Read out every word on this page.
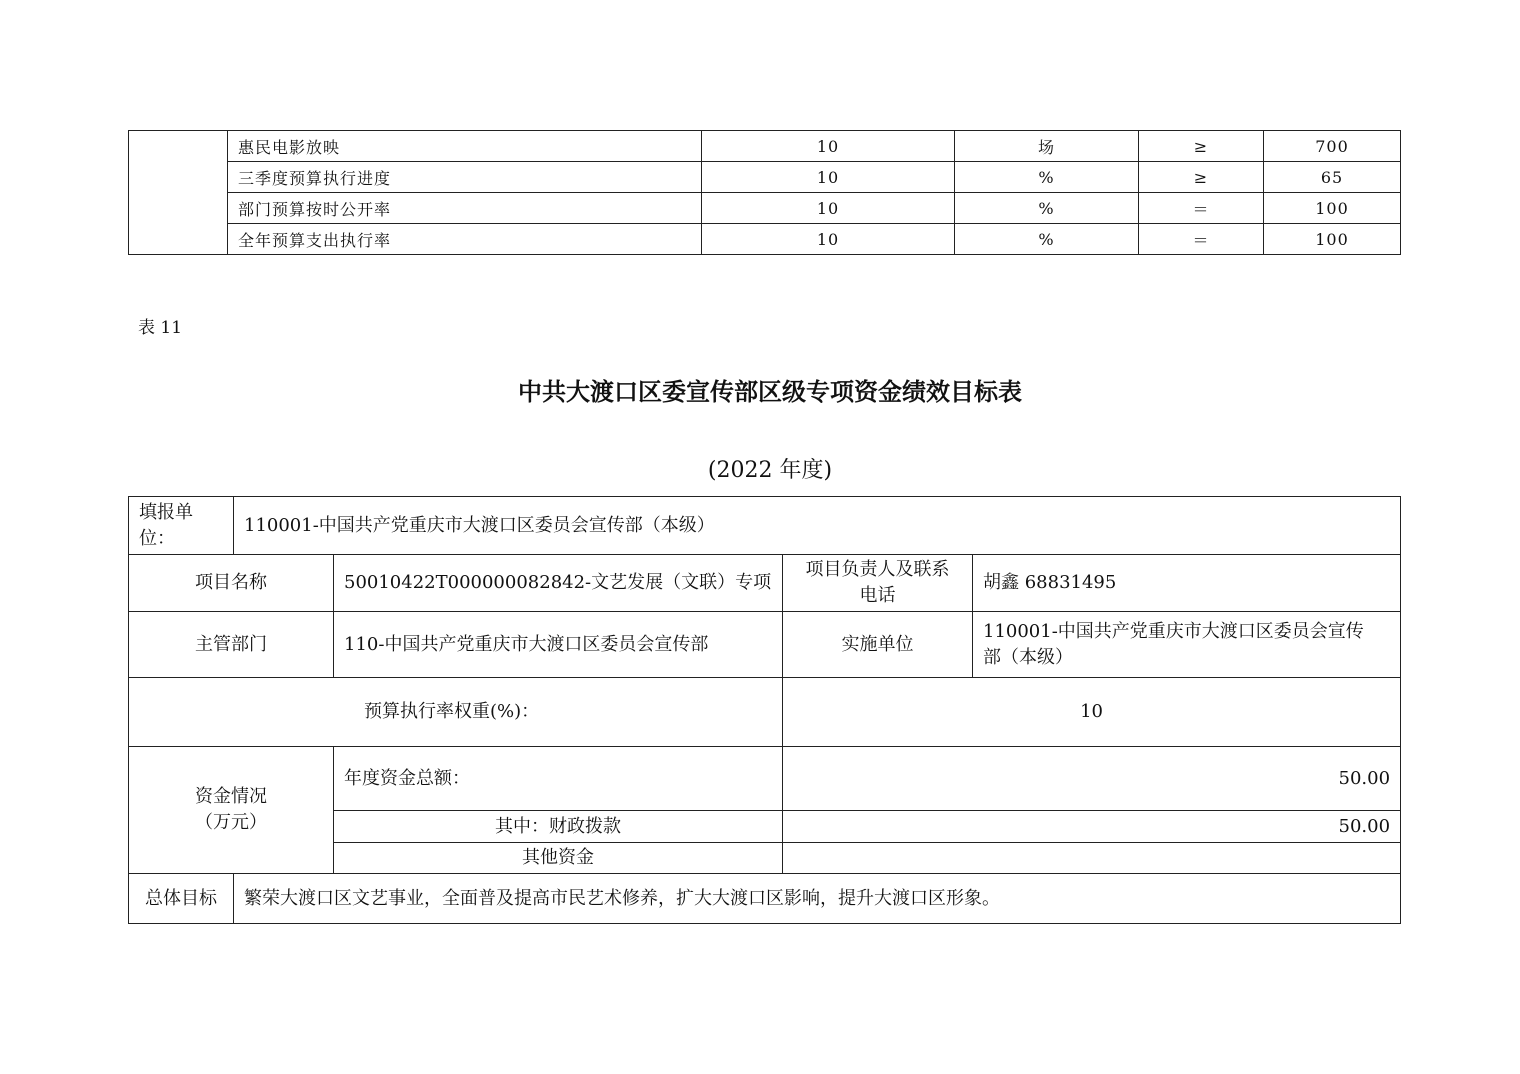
	惠民电影放映	10	场	≥	700
	三季度预算执行进度	10	%	≥	65
	部门预算按时公开率	10	%	＝	100
	全年预算支出执行率	10	%	＝	100
表 11
中共大渡口区委宣传部区级专项资金绩效目标表
(2022 年度)
填报单
位：	110001-中国共产党重庆市大渡口区委员会宣传部（本级）			
项目名称		50010422T000000082842-文艺发展（文联）专项	项目负责人及联系
电话	胡鑫 68831495
主管部门		110-中国共产党重庆市大渡口区委员会宣传部	实施单位	110001-中国共产党重庆市大渡口区委员会宣传
部（本级）

预算执行率权重(%)：			10	

资金情况
（万元）		年度资金总额：	50.00	
		其中：财政拨款	50.00	
		其他资金		
总体目标	繁荣大渡口区文艺事业，全面普及提高市民艺术修养，扩大大渡口区影响，提升大渡口区形象。			
